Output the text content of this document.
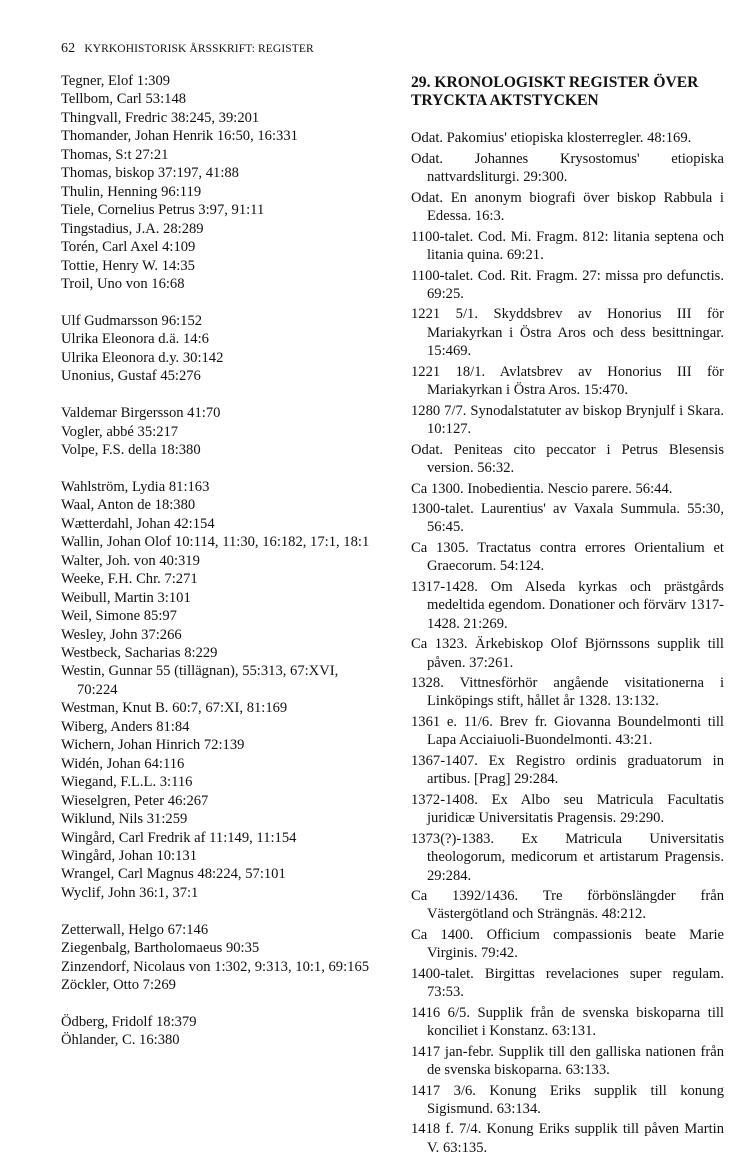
62 KYRKOHISTORISK ÅRSSKRIFT: REGISTER
Tegner, Elof 1:309
Tellbom, Carl 53:148
Thingvall, Fredric 38:245, 39:201
Thomander, Johan Henrik 16:50, 16:331
Thomas, S:t 27:21
Thomas, biskop 37:197, 41:88
Thulin, Henning 96:119
Tiele, Cornelius Petrus 3:97, 91:11
Tingstadius, J.A. 28:289
Torén, Carl Axel 4:109
Tottie, Henry W. 14:35
Troil, Uno von 16:68
Ulf Gudmarsson 96:152
Ulrika Eleonora d.ä. 14:6
Ulrika Eleonora d.y. 30:142
Unonius, Gustaf 45:276
Valdemar Birgersson 41:70
Vogler, abbé 35:217
Volpe, F.S. della 18:380
Wahlström, Lydia 81:163
Waal, Anton de 18:380
Wætterdahl, Johan 42:154
Wallin, Johan Olof 10:114, 11:30, 16:182, 17:1, 18:1
Walter, Joh. von 40:319
Weeke, F.H. Chr. 7:271
Weibull, Martin 3:101
Weil, Simone 85:97
Wesley, John 37:266
Westbeck, Sacharias 8:229
Westin, Gunnar 55 (tillägnan), 55:313, 67:XVI, 70:224
Westman, Knut B. 60:7, 67:XI, 81:169
Wiberg, Anders 81:84
Wichern, Johan Hinrich 72:139
Widén, Johan 64:116
Wiegand, F.L.L. 3:116
Wieselgren, Peter 46:267
Wiklund, Nils 31:259
Wingård, Carl Fredrik af 11:149, 11:154
Wingård, Johan 10:131
Wrangel, Carl Magnus 48:224, 57:101
Wyclif, John 36:1, 37:1
Zetterwall, Helgo 67:146
Ziegenbalg, Bartholomaeus 90:35
Zinzendorf, Nicolaus von 1:302, 9:313, 10:1, 69:165
Zöckler, Otto 7:269
Ödberg, Fridolf 18:379
Öhlander, C. 16:380
29. KRONOLOGISKT REGISTER ÖVER
TRYCKTA AKTSTYCKEN
Odat. Pakomius' etiopiska klosterregler. 48:169.
Odat. Johannes Krysostomus' etiopiska nattvardsliturgi. 29:300.
Odat. En anonym biografi över biskop Rabbula i Edessa. 16:3.
1100-talet. Cod. Mi. Fragm. 812: litania septena och litania quina. 69:21.
1100-talet. Cod. Rit. Fragm. 27: missa pro defunctis. 69:25.
1221 5/1. Skyddsbrev av Honorius III för Mariakyrkan i Östra Aros och dess besittningar. 15:469.
1221 18/1. Avlatsbrev av Honorius III för Mariakyrkan i Östra Aros. 15:470.
1280 7/7. Synodalstatuter av biskop Brynjulf i Skara. 10:127.
Odat. Peniteas cito peccator i Petrus Blesensis version. 56:32.
Ca 1300. Inobedientia. Nescio parere. 56:44.
1300-talet. Laurentius' av Vaxala Summula. 55:30, 56:45.
Ca 1305. Tractatus contra errores Orientalium et Graecorum. 54:124.
1317-1428. Om Alseda kyrkas och prästgårds medeltida egendom. Donationer och förvärv 1317-1428. 21:269.
Ca 1323. Ärkebiskop Olof Björnssons supplik till påven. 37:261.
1328. Vittnesförhör angående visitationerna i Linköpings stift, hållet år 1328. 13:132.
1361 e. 11/6. Brev fr. Giovanna Boundelmonti till Lapa Acciaiuoli-Buondelmonti. 43:21.
1367-1407. Ex Registro ordinis graduatorum in artibus. [Prag] 29:284.
1372-1408. Ex Albo seu Matricula Facultatis juridicæ Universitatis Pragensis. 29:290.
1373(?)-1383. Ex Matricula Universitatis theologorum, medicorum et artistarum Pragensis. 29:284.
Ca 1392/1436. Tre förbönslängder från Västergötland och Strängnäs. 48:212.
Ca 1400. Officium compassionis beate Marie Virginis. 79:42.
1400-talet. Birgittas revelaciones super regulam. 73:53.
1416 6/5. Supplik från de svenska biskoparna till konciliet i Konstanz. 63:131.
1417 jan-febr. Supplik till den galliska nationen från de svenska biskoparna. 63:133.
1417 3/6. Konung Eriks supplik till konung Sigismund. 63:134.
1418 f. 7/4. Konung Eriks supplik till påven Martin V. 63:135.
